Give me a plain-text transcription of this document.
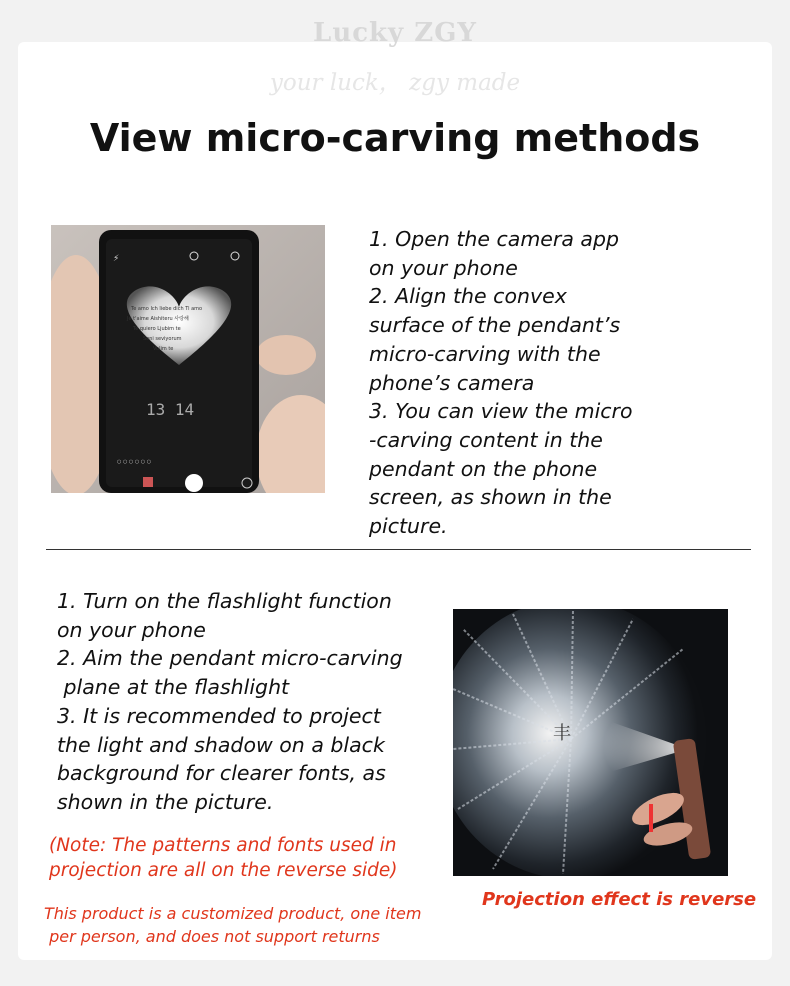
Lucky ZGY
your luck， zgy made
View micro-carving methods
⚡
Te amo Ich liebe dich Ti amo
Je t'aime Aishiteru 사랑해
Te quiero Ljubim te
Seni seviyorum
Volim te
13 14
○ ○ ○ ○ ○ ○
1. Open the camera app
on your phone
2. Align the convex
surface of the pendant’s
micro-carving with the
phone’s camera
3. You can view the micro
-carving content in the
pendant on the phone
screen, as shown in the
picture.
1. Turn on the flashlight function
on your phone
2. Aim the pendant micro-carving
plane at the flashlight
3. It is recommended to project
the light and shadow on a black
background for clearer fonts, as
shown in the picture.
(Note: The patterns and fonts used in
projection are all on the reverse side)
丰
Projection effect is reverse
This product is a customized product, one item
per person, and does not support returns
